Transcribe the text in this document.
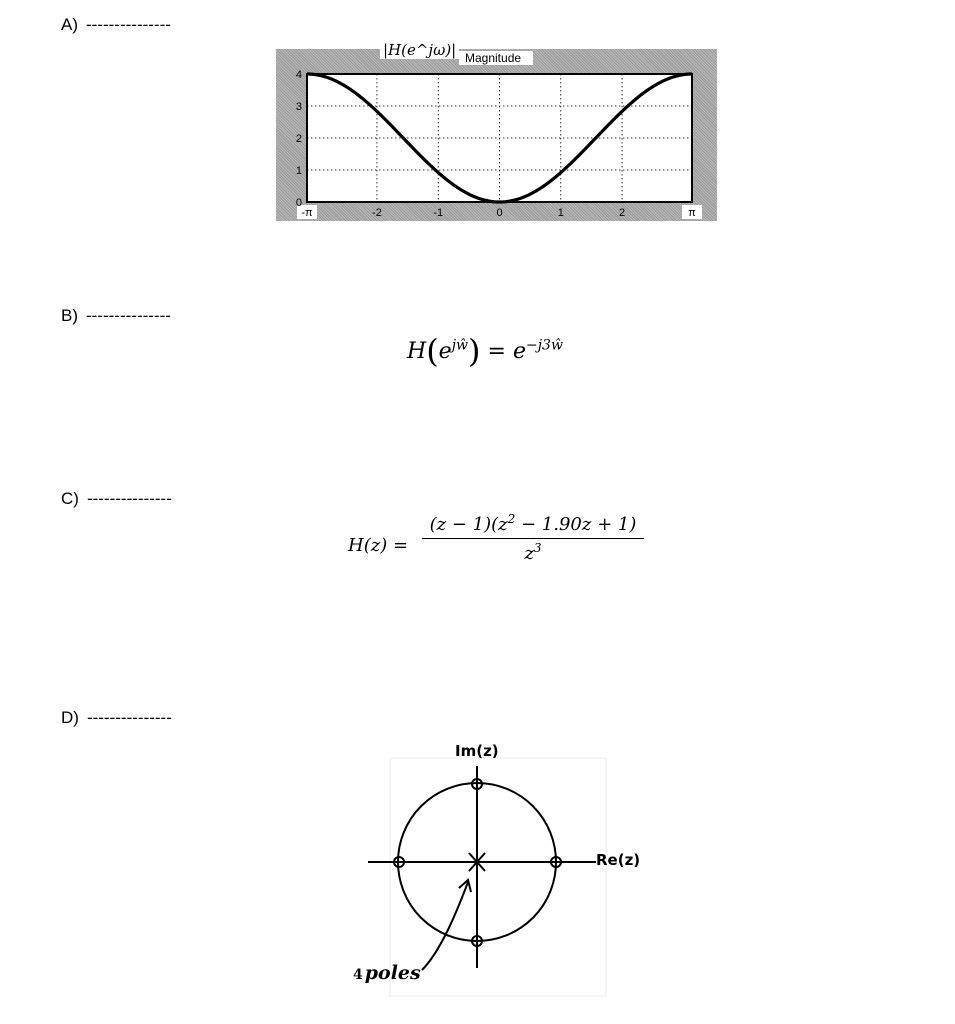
A) ---------------
B) ---------------
C) ---------------
D) ---------------
-π	-2	-1	0	1	2	π
0
1
2
3
4
|H(e^jω)| Magnitude
$H(e^{jŵ}) = e^{-j3ŵ}$
H(z) =
$(z - 1)(z^2 - 1.90z + 1)$
$z^3$
Im(z)
Re(z)
4 poles
